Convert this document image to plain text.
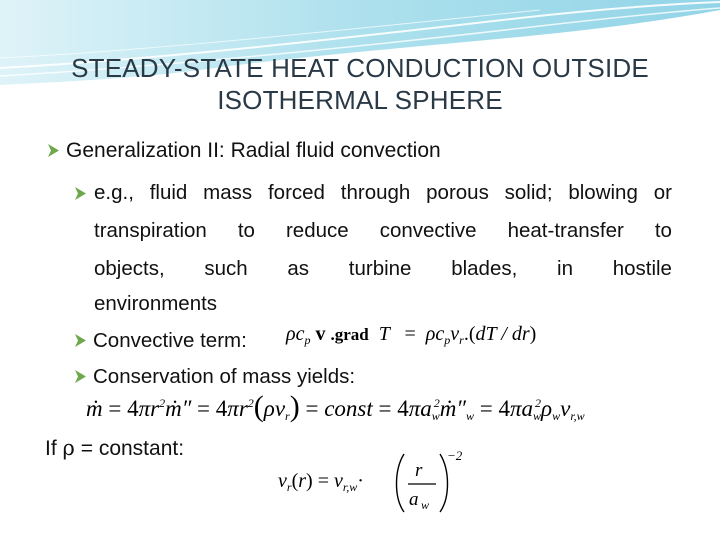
STEADY-STATE HEAT CONDUCTION OUTSIDE
ISOTHERMAL SPHERE
Generalization II: Radial fluid convection
e.g., fluid mass forced through porous solid; blowing or
transpiration to reduce convective heat-transfer to
objects, such as turbine blades, in hostile
environments
Convective term: $\rho c_p$ v .grad  $T = \rho c_pv_r.(dT / dr)$
Conservation of mass yields:
ṁ = $4\pi r^2ṁ'' = 4\pi r^2(\rho v_r)$ = const = $4\pi a_w^2ṁ''_w = 4\pi a_w^2\rho_wv_{r,w}$
If ρ = constant:
$v_r(r) = v_{r,w}\cdot$	r
a w
−2
